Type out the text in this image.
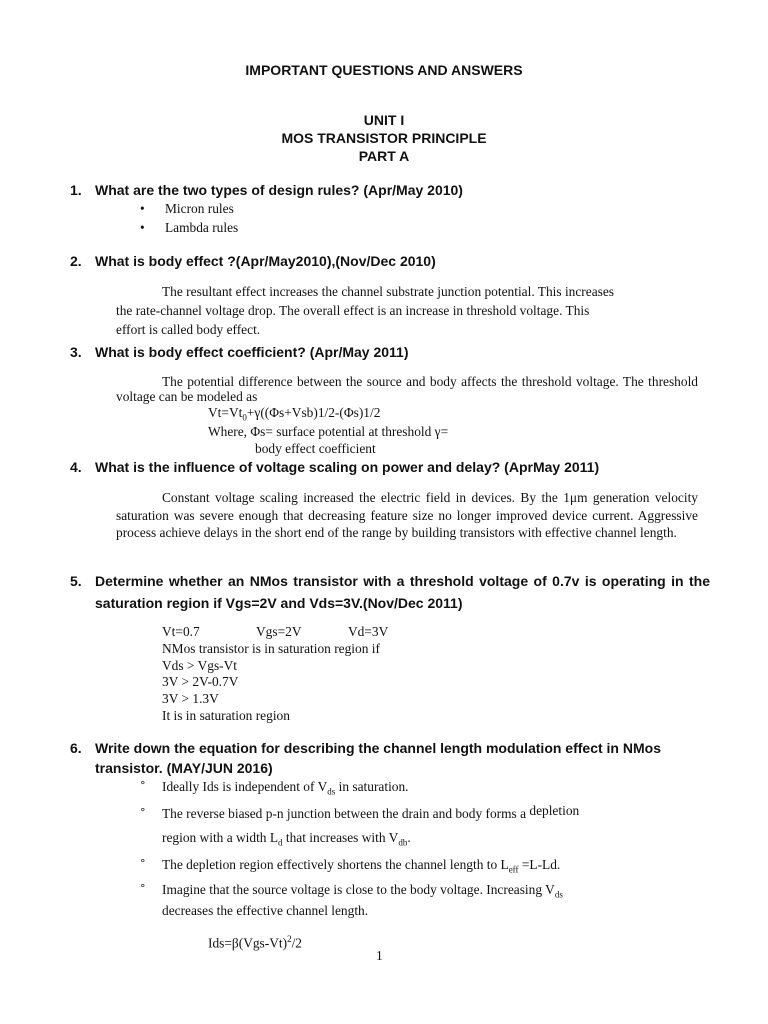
IMPORTANT QUESTIONS AND ANSWERS
UNIT I
MOS TRANSISTOR PRINCIPLE
PART A
1. What are the two types of design rules? (Apr/May 2010)
• Micron rules
• Lambda rules
2. What is body effect ?(Apr/May2010),(Nov/Dec 2010)
The resultant effect increases the channel substrate junction potential. This increases
the rate-channel voltage drop. The overall effect is an increase in threshold voltage. This
effort is called body effect.
3. What is body effect coefficient? (Apr/May 2011)
The potential difference between the source and body affects the threshold voltage. The threshold voltage can be modeled as
$Vt=Vt_0+\gamma((\Phi s+Vsb)1/2-(\Phi s)1/2$
Where, Φs= surface potential at threshold γ=
body effect coefficient
4. What is the influence of voltage scaling on power and delay? (AprMay 2011)
Constant voltage scaling increased the electric field in devices. By the 1μm generation velocity saturation was severe enough that decreasing feature size no longer improved device current. Aggressive process achieve delays in the short end of the range by building transistors with effective channel length.
5. Determine whether an NMos transistor with a threshold voltage of 0.7v is operating in the saturation region if Vgs=2V and Vds=3V.(Nov/Dec 2011)
Vt=0.7	Vgs=2V	Vd=3V
NMos transistor is in saturation region if
Vds > Vgs-Vt
3V > 2V-0.7V
3V > 1.3V
It is in saturation region
6. Write down the equation for describing the channel length modulation effect in NMos transistor. (MAY/JUN 2016)
° Ideally Ids is independent of $V_{ds}$ in saturation.
° The reverse biased p-n junction between the drain and body forms a depletion
region with a width $L_d$ that increases with $V_{db}$.
° The depletion region effectively shortens the channel length to $L_{eff} =L-Ld$.
° Imagine that the source voltage is close to the body voltage. Increasing $V_{ds}$
decreases the effective channel length.
$Ids=\beta(Vgs-Vt)^2/2$
1
